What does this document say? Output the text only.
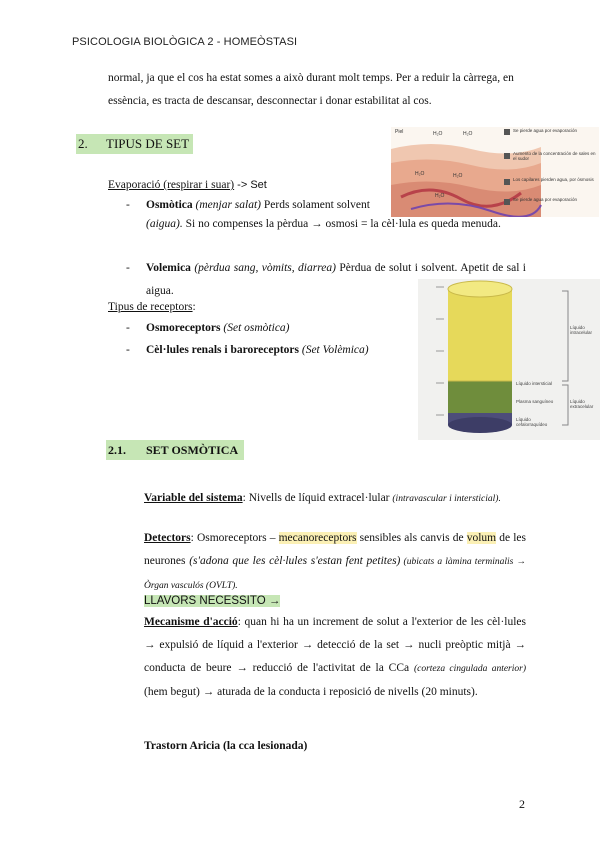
PSICOLOGIA BIOLÒGICA 2 - HOMEÒSTASI
normal, ja que el cos ha estat somes a això durant molt temps. Per a reduir la càrrega, en essència, es tracta de descansar, desconnectar i donar estabilitat al cos.
2. TIPUS DE SET
Piel	H₂O	H₂O
H₂O	H₂O
H₂O
Se pierde agua por evaporación
Aumento de la concentración de sales en el sudor
Los capilares pierden agua, por ósmosis
Se pierde agua por evaporación
Evaporació (respirar i suar) -> Set
- Osmòtica (menjar salat) Perds solament solvent
(aigua). Si no compenses la pèrdua → osmosi = la cèl·lula es queda menuda.
- Volemica (pèrdua sang, vòmits, diarrea) Pèrdua de solut i solvent. Apetit de sal i aigua.
Tipus de receptors:
- Osmoreceptors (Set osmòtica)
- Cèl·lules renals i baroreceptors (Set Volèmica)
Líquido intracelular
Líquido extracelular
Líquido intersticial
Plasma sanguíneo
Líquido cefalorraquídeo
2.1. SET OSMÒTICA
Variable del sistema: Nivells de líquid extracel·lular (intravascular i intersticial).
Detectors: Osmoreceptors – mecanoreceptors sensibles als canvis de volum de les neurones (s'adona que les cèl·lules s'estan fent petites) (ubicats a làmina terminalis → Òrgan vasculós (OVLT).
LLAVORS NECESSITO →
Mecanisme d'acció: quan hi ha un increment de solut a l'exterior de les cèl·lules → expulsió de líquid a l'exterior → detecció de la set → nucli preòptic mitjà → conducta de beure → reducció de l'activitat de la CCa (corteza cingulada anterior) (hem begut) → aturada de la conducta i reposició de nivells (20 minuts).
Trastorn Aricia (la cca lesionada)
2
